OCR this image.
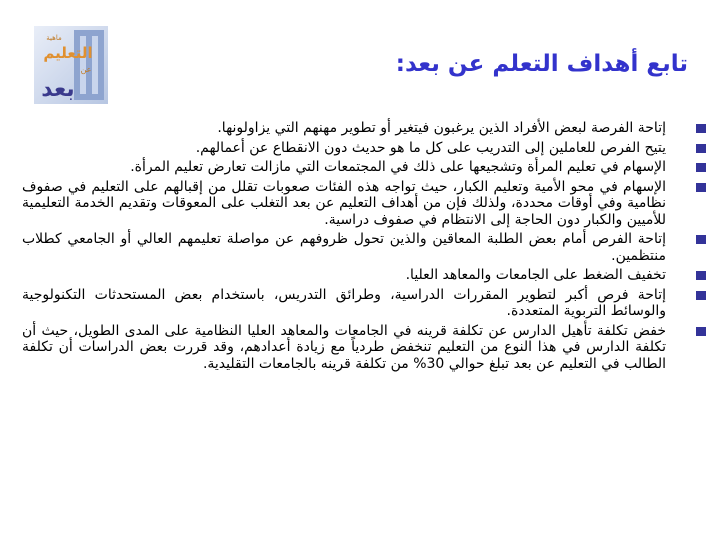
ماهية
التعليم
عن
بعد
تابع أهداف التعلم عن بعد:
إتاحة الفرصة لبعض الأفراد الذين يرغبون فيتغير أو تطوير مهنهم التي يزاولونها.
يتيح الفرص للعاملين إلى التدريب على كل ما هو حديث دون الانقطاع عن أعمالهم.
الإسهام في تعليم المرأة وتشجيعها على ذلك في المجتمعات التي مازالت تعارض تعليم المرأة.
الإسهام في محو الأمية وتعليم الكبار، حيث تواجه هذه الفئات صعوبات تقلل من إقبالهم على التعليم في صفوف نظامية وفي أوقات محددة، ولذلك فإن من أهداف التعليم عن بعد التغلب على المعوقات وتقديم الخدمة التعليمية للأميين والكبار دون الحاجة إلى الانتظام في صفوف دراسية.
إتاحة الفرص أمام بعض الطلبة المعاقين والذين تحول ظروفهم عن مواصلة تعليمهم العالي أو الجامعي كطلاب منتظمين.
تخفيف الضغط على الجامعات والمعاهد العليا.
إتاحة فرص أكبر لتطوير المقررات الدراسية، وطرائق التدريس، باستخدام بعض المستحدثات التكنولوجية والوسائط التربوية المتعددة.
خفض تكلفة تأهيل الدارس عن تكلفة قرينه في الجامعات والمعاهد العليا النظامية على المدى الطويل، حيث أن تكلفة الدارس في هذا النوع من التعليم تنخفض طردياً مع زيادة أعدادهم، وقد قررت بعض الدراسات أن تكلفة الطالب في التعليم عن بعد تبلغ حوالي 30% من تكلفة قرينه بالجامعات التقليدية.
